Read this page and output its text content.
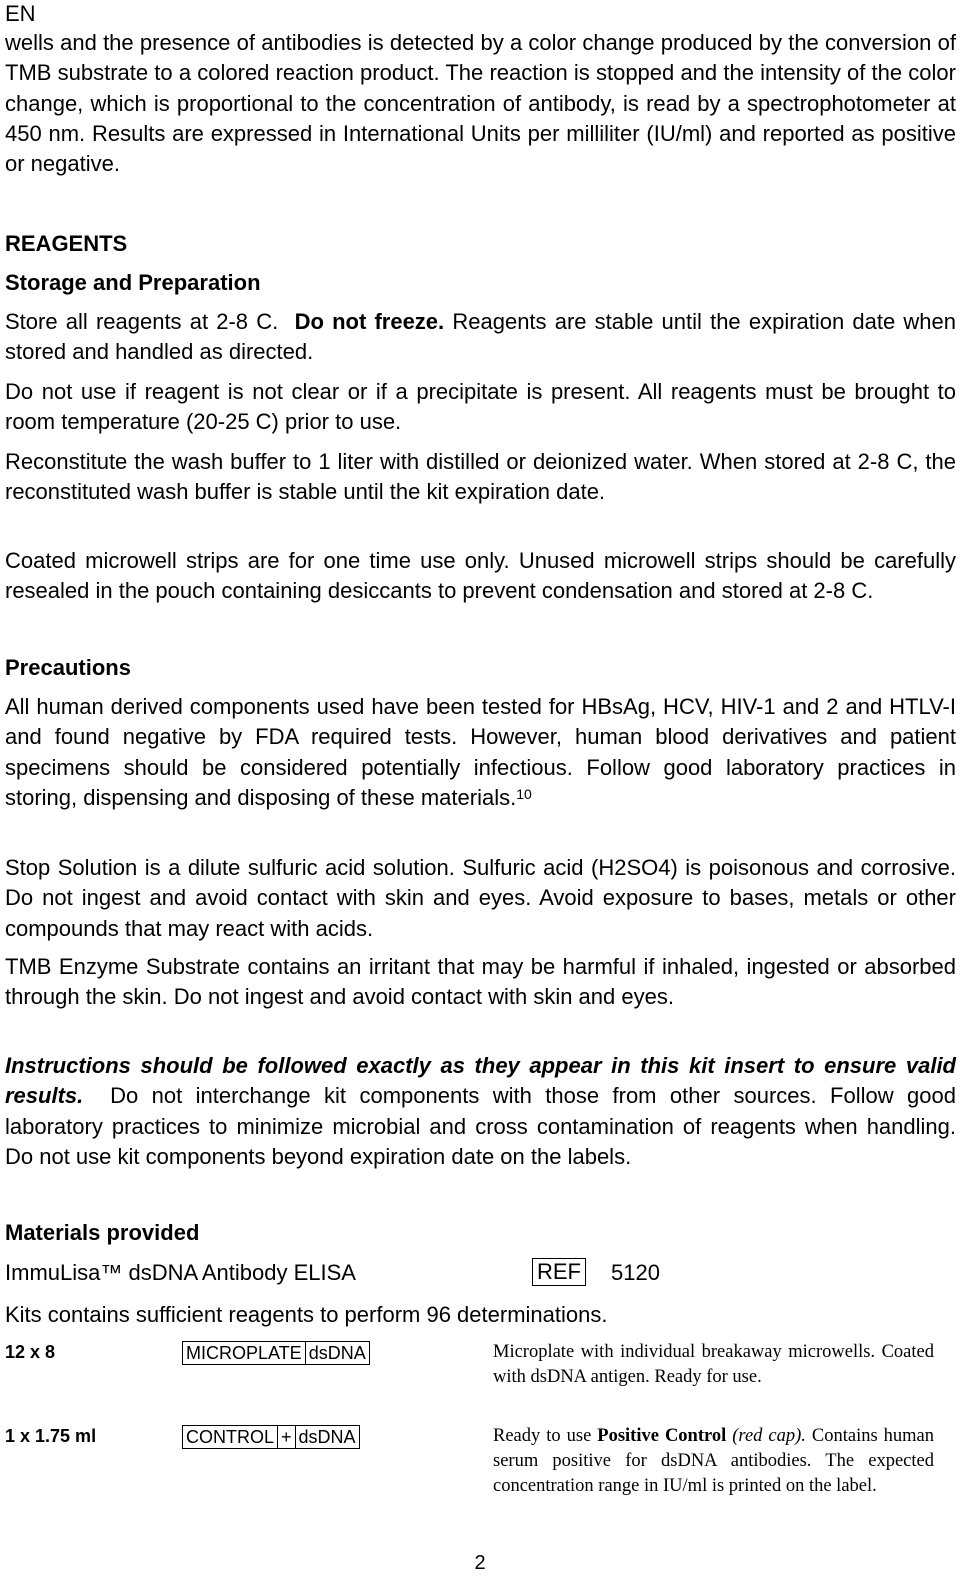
EN

wells and the presence of antibodies is detected by a color change produced by the conversion of TMB substrate to a colored reaction product. The reaction is stopped and the intensity of the color change, which is proportional to the concentration of antibody, is read by a spectrophotometer at 450 nm. Results are expressed in International Units per milliliter (IU/ml) and reported as positive or negative.

REAGENTS
Storage and Preparation

Store all reagents at 2-8 C. Do not freeze. Reagents are stable until the expiration date when stored and handled as directed.

Do not use if reagent is not clear or if a precipitate is present. All reagents must be brought to room temperature (20-25 C) prior to use.

Reconstitute the wash buffer to 1 liter with distilled or deionized water. When stored at 2-8 C, the reconstituted wash buffer is stable until the kit expiration date.

Coated microwell strips are for one time use only. Unused microwell strips should be carefully resealed in the pouch containing desiccants to prevent condensation and stored at 2-8 C.

Precautions

All human derived components used have been tested for HBsAg, HCV, HIV-1 and 2 and HTLV-I and found negative by FDA required tests. However, human blood derivatives and patient specimens should be considered potentially infectious. Follow good laboratory practices in storing, dispensing and disposing of these materials.$^{10}$

Stop Solution is a dilute sulfuric acid solution. Sulfuric acid (H2SO4) is poisonous and corrosive. Do not ingest and avoid contact with skin and eyes. Avoid exposure to bases, metals or other compounds that may react with acids.

TMB Enzyme Substrate contains an irritant that may be harmful if inhaled, ingested or absorbed through the skin. Do not ingest and avoid contact with skin and eyes.

Instructions should be followed exactly as they appear in this kit insert to ensure valid results. Do not interchange kit components with those from other sources. Follow good laboratory practices to minimize microbial and cross contamination of reagents when handling. Do not use kit components beyond expiration date on the labels.

Materials provided
ImmuLisa™ dsDNA Antibody ELISA	REF 5120
Kits contains sufficient reagents to perform 96 determinations.
12 x 8	MICROPLATE dsDNA	Microplate with individual breakaway microwells. Coated with dsDNA antigen. Ready for use.

1 x 1.75 ml	CONTROL + dsDNA	Ready to use Positive Control (red cap). Contains human serum positive for dsDNA antibodies. The expected concentration range in IU/ml is printed on the label.

2
